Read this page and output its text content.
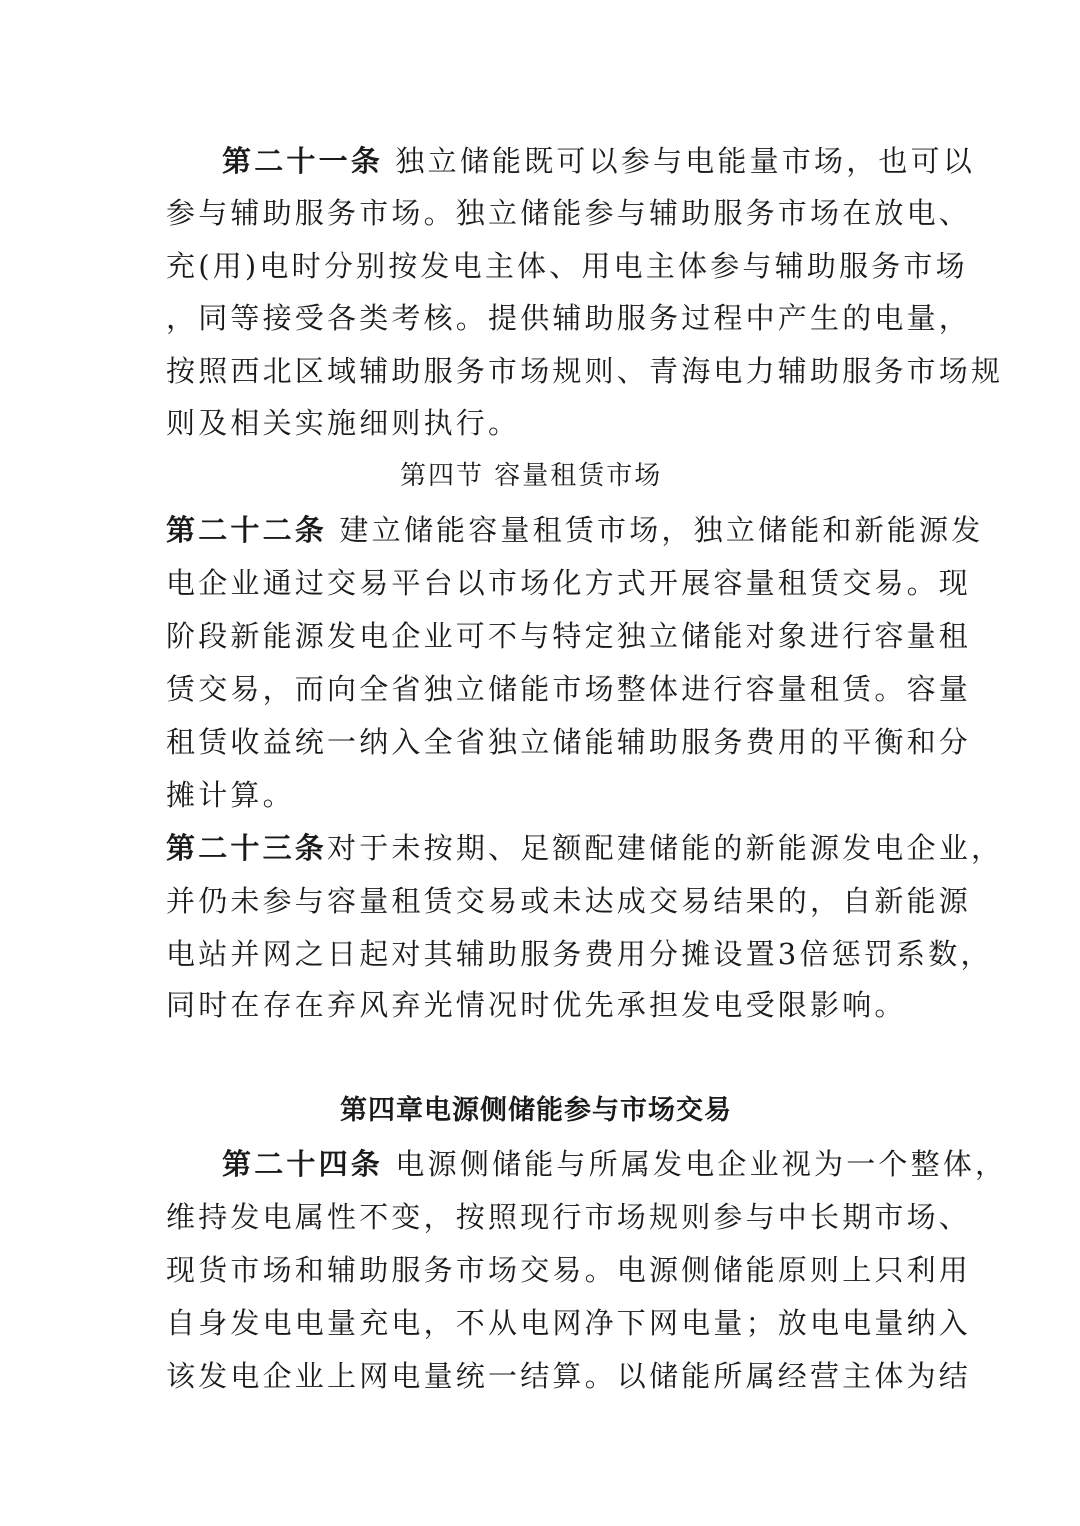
第二十一条 独立储能既可以参与电能量市场，也可以
参与辅助服务市场。独立储能参与辅助服务市场在放电、
充(用)电时分别按发电主体、用电主体参与辅助服务市场
，同等接受各类考核。提供辅助服务过程中产生的电量，
按照西北区域辅助服务市场规则、青海电力辅助服务市场规
则及相关实施细则执行。
第四节 容量租赁市场
第二十二条 建立储能容量租赁市场，独立储能和新能源发
电企业通过交易平台以市场化方式开展容量租赁交易。现
阶段新能源发电企业可不与特定独立储能对象进行容量租
赁交易，而向全省独立储能市场整体进行容量租赁。容量
租赁收益统一纳入全省独立储能辅助服务费用的平衡和分
摊计算。
第二十三条对于未按期、足额配建储能的新能源发电企业，
并仍未参与容量租赁交易或未达成交易结果的，自新能源
电站并网之日起对其辅助服务费用分摊设置3倍惩罚系数，
同时在存在弃风弃光情况时优先承担发电受限影响。
第四章电源侧储能参与市场交易
第二十四条 电源侧储能与所属发电企业视为一个整体，
维持发电属性不变，按照现行市场规则参与中长期市场、
现货市场和辅助服务市场交易。电源侧储能原则上只利用
自身发电电量充电，不从电网净下网电量；放电电量纳入
该发电企业上网电量统一结算。以储能所属经营主体为结
